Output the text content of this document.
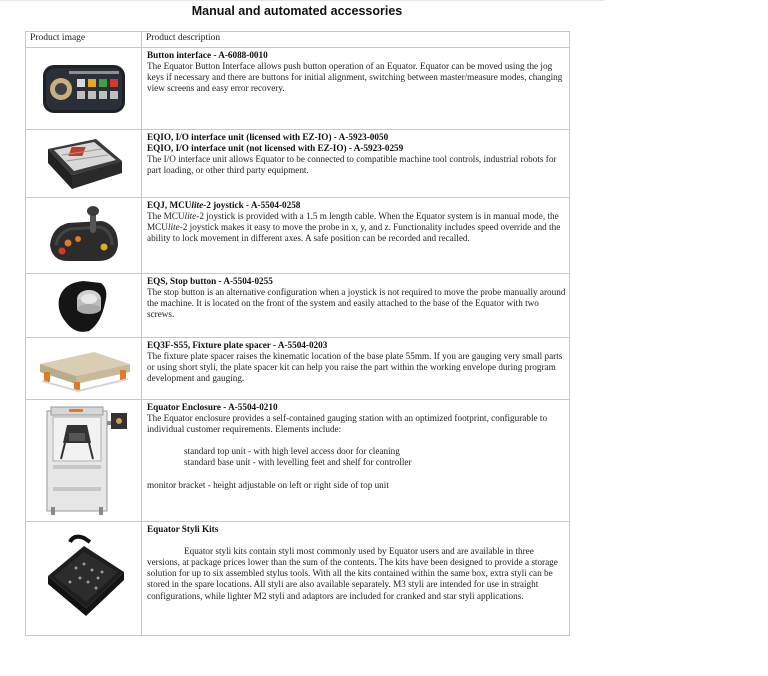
Manual and automated accessories
Product image	Product description

	Button interface - A-6088-0010
The Equator Button Interface allows push button operation of an Equator. Equator can be moved using the jog keys if necessary and there are buttons for initial alignment, switching between master/measure modes, changing view screens and easy error recovery.

	EQIO, I/O interface unit (licensed with EZ-IO) - A-5923-0050
EQIO, I/O interface unit (not licensed with EZ-IO) - A-5923-0259
The I/O interface unit allows Equator to be connected to compatible machine tool controls, industrial robots for part loading, or other third party equipment.

	EQJ, MCUlite-2 joystick - A-5504-0258
The MCUlite-2 joystick is provided with a 1.5 m length cable. When the Equator system is in manual mode, the MCUlite-2 joystick makes it easy to move the probe in x, y, and z. Functionality includes speed override and the ability to lock movement in different axes. A safe position can be recorded and recalled.

	EQS, Stop button - A-5504-0255
The stop button is an alternative configuration when a joystick is not required to move the probe manually around the machine. It is located on the front of the system and easily attached to the base of the Equator with two screws.

	EQ3F-S55, Fixture plate spacer - A-5504-0203
The fixture plate spacer raises the kinematic location of the base plate 55mm. If you are gauging very small parts or using short styli, the plate spacer kit can help you raise the part within the working envelope during program development and gauging.

	Equator Enclosure - A-5504-0210
The Equator enclosure provides a self-contained gauging station with an optimized footprint, configurable to individual customer requirements. Elements include:

standard top unit - with high level access door for cleaning
standard base unit - with levelling feet and shelf for controller

monitor bracket - height adjustable on left or right side of top unit

	Equator Styli Kits

Equator styli kits contain styli most commonly used by Equator users and are available in three versions, at package prices lower than the sum of the contents. The kits have been designed to provide a storage solution for up to six assembled stylus tools. With all the kits contained within the same box, extra styli can be stored in the spare locations. All styli are also available separately. M3 styli are intended for use in straight configurations, while lighter M2 styli and adaptors are included for cranked and star styli applications.
